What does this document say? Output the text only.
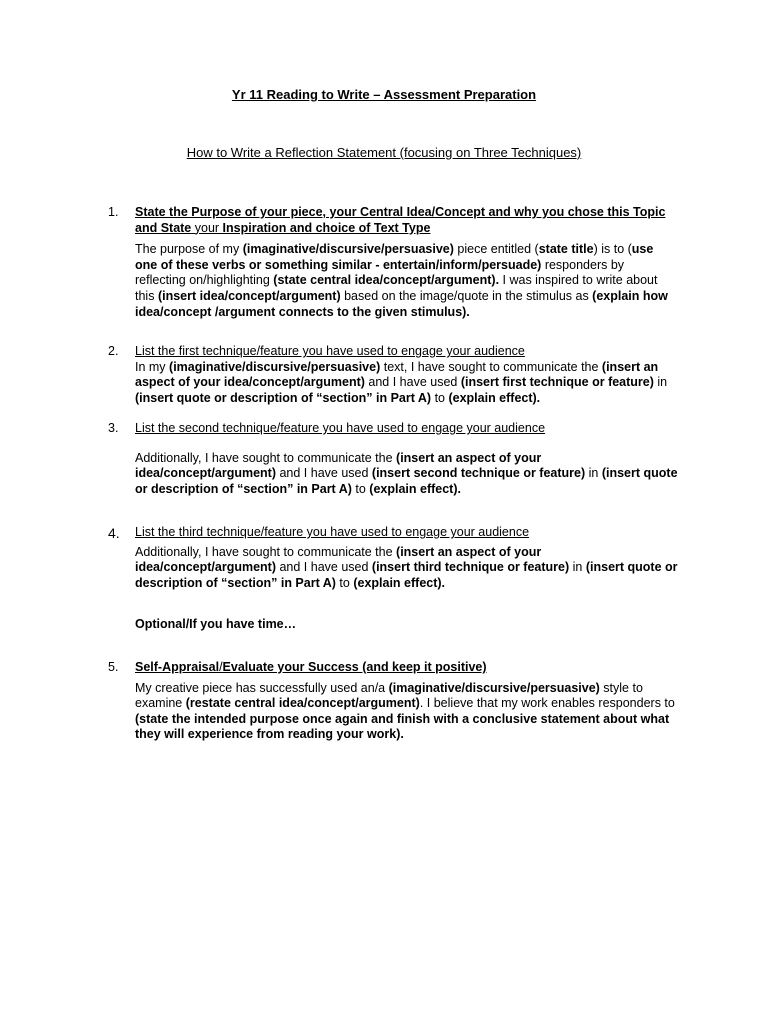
Yr 11 Reading to Write – Assessment Preparation
How to Write a Reflection Statement (focusing on Three Techniques)
1.	State the Purpose of your piece, your Central Idea/Concept and why you chose this Topic and State your Inspiration and choice of Text Type
The purpose of my (imaginative/discursive/persuasive) piece entitled (state title) is to (use one of these verbs or something similar - entertain/inform/persuade) responders by reflecting on/highlighting (state central idea/concept/argument). I was inspired to write about this (insert idea/concept/argument) based on the image/quote in the stimulus as (explain how idea/concept /argument connects to the given stimulus).
2.	List the first technique/feature you have used to engage your audience
In my (imaginative/discursive/persuasive) text, I have sought to communicate the (insert an aspect of your idea/concept/argument) and I have used (insert first technique or feature) in (insert quote or description of “section” in Part A) to (explain effect).
3.	List the second technique/feature you have used to engage your audience
Additionally, I have sought to communicate the (insert an aspect of your idea/concept/argument) and I have used (insert second technique or feature) in (insert quote or description of “section” in Part A) to (explain effect).
4.	List the third technique/feature you have used to engage your audience
Additionally, I have sought to communicate the (insert an aspect of your idea/concept/argument) and I have used (insert third technique or feature) in (insert quote or description of “section” in Part A) to (explain effect).
Optional/If you have time…
5.	Self-Appraisal/Evaluate your Success (and keep it positive)
My creative piece has successfully used an/a (imaginative/discursive/persuasive) style to examine (restate central idea/concept/argument). I believe that my work enables responders to (state the intended purpose once again and finish with a conclusive statement about what they will experience from reading your work).
